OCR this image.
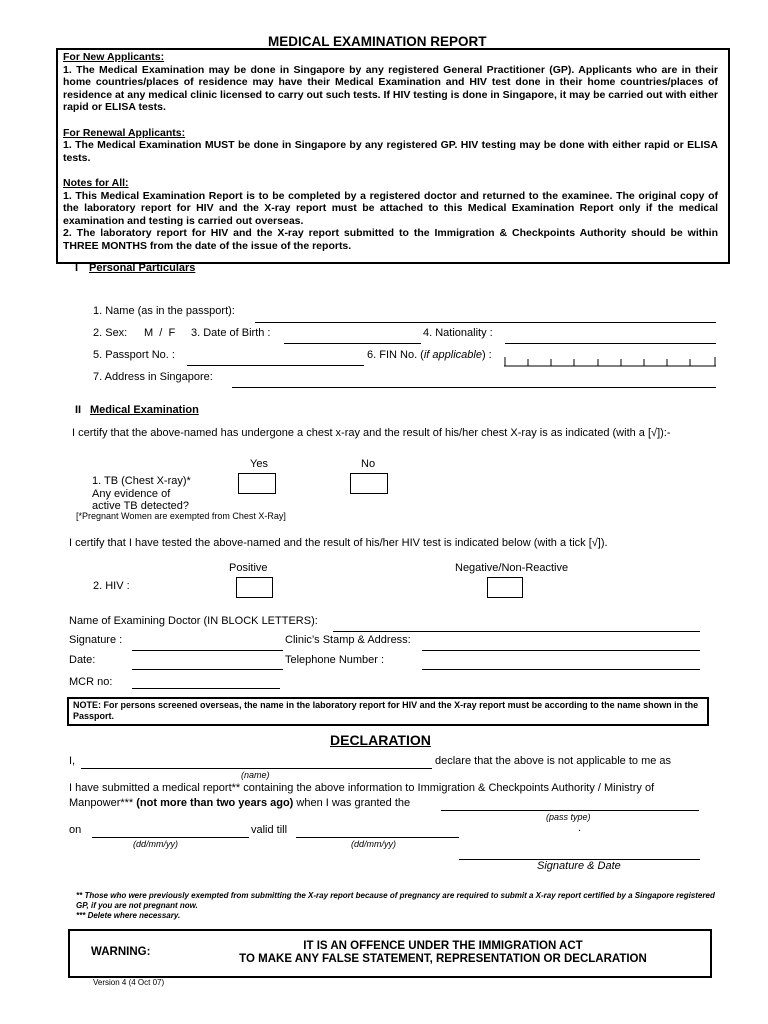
MEDICAL EXAMINATION REPORT

For New Applicants:

1. The Medical Examination may be done in Singapore by any registered General Practitioner (GP). Applicants who are in their home countries/places of residence may have their Medical Examination and HIV test done in their home countries/places of residence at any medical clinic licensed to carry out such tests. If HIV testing is done in Singapore, it may be carried out with either rapid or ELISA tests.

For Renewal Applicants:

1. The Medical Examination MUST be done in Singapore by any registered GP. HIV testing may be done with either rapid or ELISA tests.

Notes for All:

1. This Medical Examination Report is to be completed by a registered doctor and returned to the examinee. The original copy of the laboratory report for HIV and the X-ray report must be attached to this Medical Examination Report only if the medical examination and testing is carried out overseas.

2. The laboratory report for HIV and the X-ray report submitted to the Immigration & Checkpoints Authority should be within THREE MONTHS from the date of the issue of the reports.

I Personal Particulars
1. Name (as in the passport):
2. Sex: M  /  F 3. Date of Birth :	4. Nationality :
5. Passport No. :	6. FIN No. (if applicable) :
7. Address in Singapore:
II Medical Examination
I certify that the above-named has undergone a chest x-ray and the result of his/her chest X-ray is as indicated (with a [√]):-
Yes	No

1. TB (Chest X-ray)*

Any evidence of

active TB detected?

[*Pregnant Women are exempted from Chest X-Ray]
I certify that I have tested the above-named and the result of his/her HIV test is indicated below (with a tick [√]).
Positive	Negative/Non-Reactive
2. HIV :
Name of Examining Doctor (IN BLOCK LETTERS):
Signature :	Clinic’s Stamp & Address:
Date:	Telephone Number :
MCR no:
NOTE: For persons screened overseas, the name in the laboratory report for HIV and the X-ray report must be according to the name shown in the Passport.
DECLARATION
I,	declare that the above is not applicable to me as
(name)
I have submitted a medical report** containing the above information to Immigration & Checkpoints Authority / Ministry of
Manpower*** (not more than two years ago) when I was granted the
(pass type)
.
on	valid till
(dd/mm/yy)	(dd/mm/yy)
Signature & Date

** Those who were previously exempted from submitting the X-ray report because of pregnancy are required to submit a X-ray report certified by a Singapore registered GP, if you are not pregnant now.

*** Delete where necessary.

WARNING:	IT IS AN OFFENCE UNDER THE IMMIGRATION ACT

TO MAKE ANY FALSE STATEMENT, REPRESENTATION OR DECLARATION

Version 4 (4 Oct 07)
